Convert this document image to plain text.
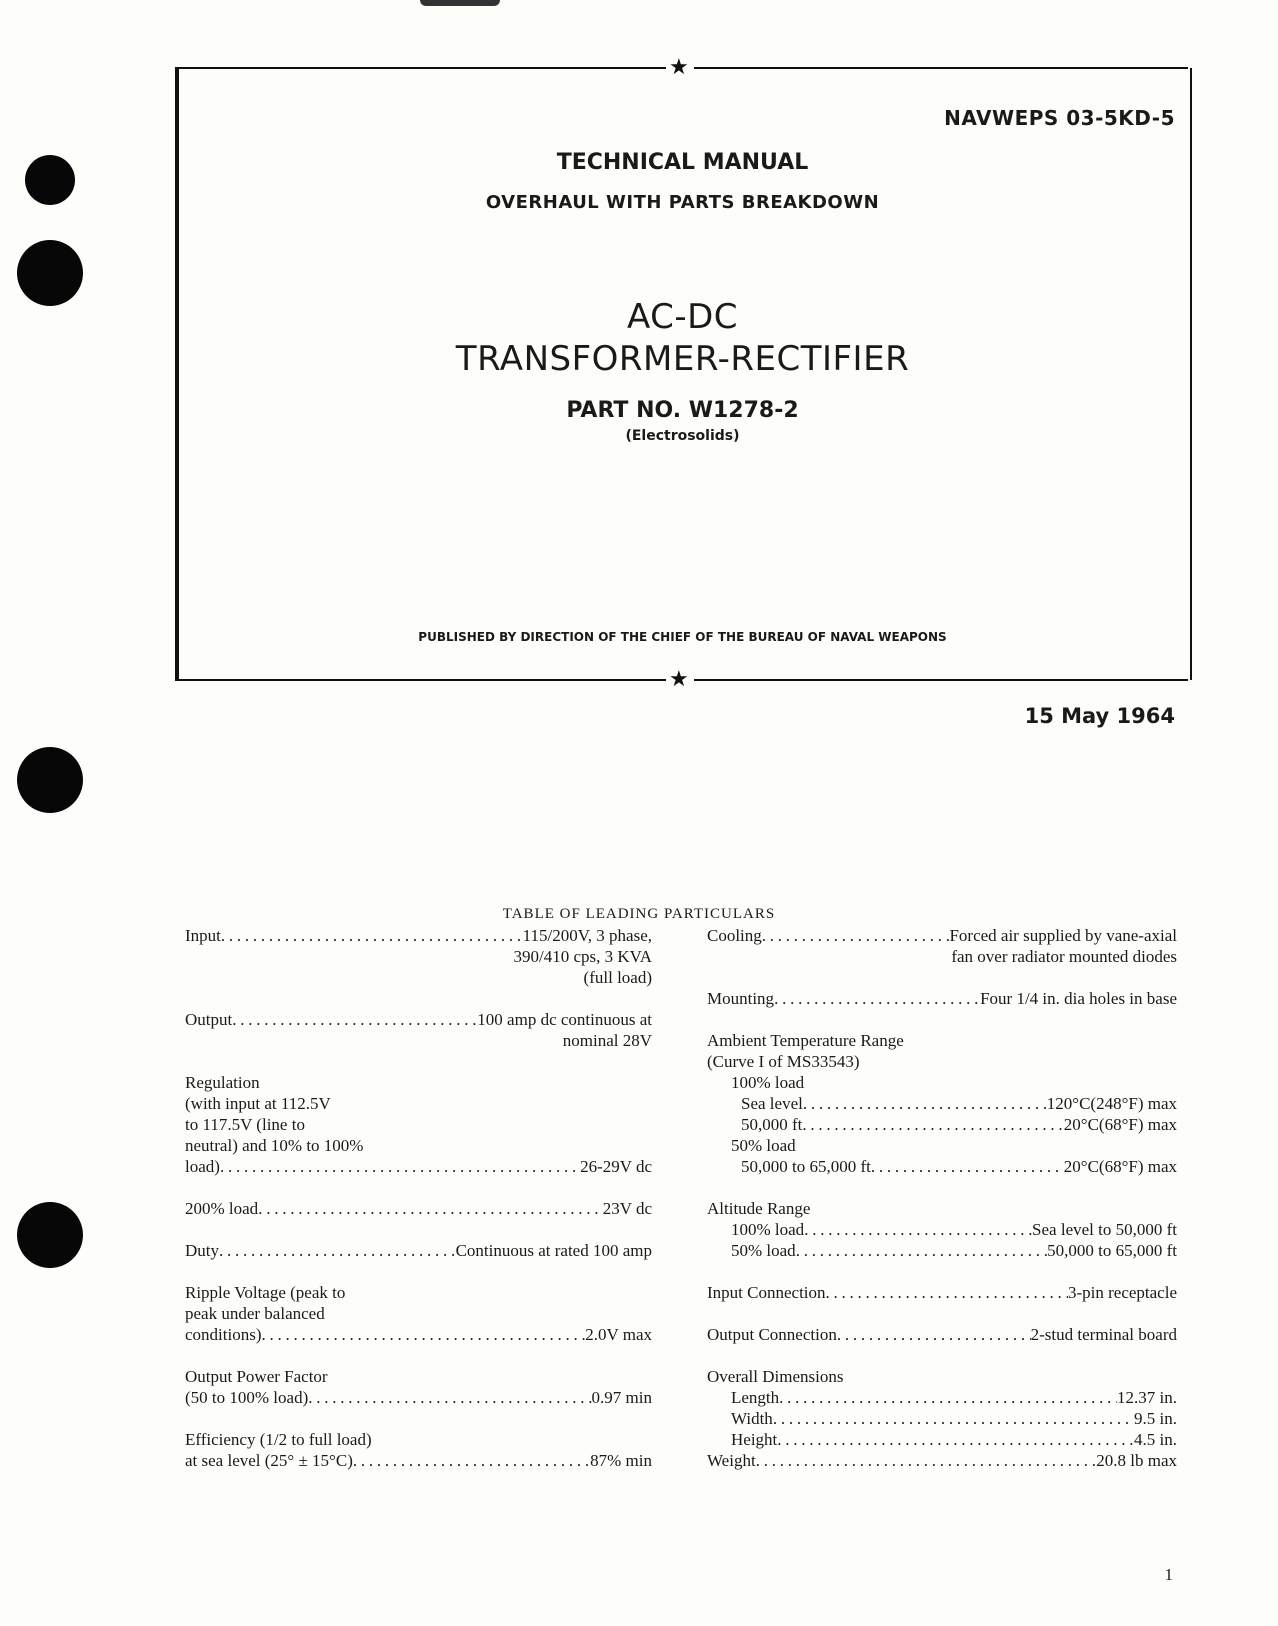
★
★
NAVWEPS 03-5KD-5
TECHNICAL MANUAL
OVERHAUL WITH PARTS BREAKDOWN
AC-DC
TRANSFORMER-RECTIFIER
PART NO. W1278-2
(Electrosolids)
PUBLISHED BY DIRECTION OF THE CHIEF OF THE BUREAU OF NAVAL WEAPONS
15 May 1964
TABLE OF LEADING PARTICULARS
Input . . .	115/200V, 3 phase,
390/410 cps, 3 KVA
(full load)
Output . . .	100 amp dc continuous at
nominal 28V
Regulation
(with input at 112.5V
to 117.5V (line to
neutral) and 10% to 100%
load) . . .	26-29V dc
200% load . . .	23V dc
Duty . . .	Continuous at rated 100 amp
Ripple Voltage (peak to
peak under balanced
conditions) . . .	2.0V max
Output Power Factor
(50 to 100% load) . . .	0.97 min
Efficiency (1/2 to full load)
at sea level (25° ± 15°C) . . .	87% min
Cooling . . .	Forced air supplied by vane-axial
fan over radiator mounted diodes
Mounting . . .	Four 1/4 in. dia holes in base
Ambient Temperature Range
(Curve I of MS33543)
100% load
Sea level . . .	120°C(248°F) max
50,000 ft . . .	20°C(68°F) max
50% load
50,000 to 65,000 ft . . .	20°C(68°F) max
Altitude Range
100% load . . .	Sea level to 50,000 ft
50% load . . .	50,000 to 65,000 ft
Input Connection . . .	3-pin receptacle
Output Connection . . .	2-stud terminal board
Overall Dimensions
Length . . .	12.37 in.
Width . . .	9.5 in.
Height . . .	4.5 in.
Weight . . .	20.8 lb max
1
